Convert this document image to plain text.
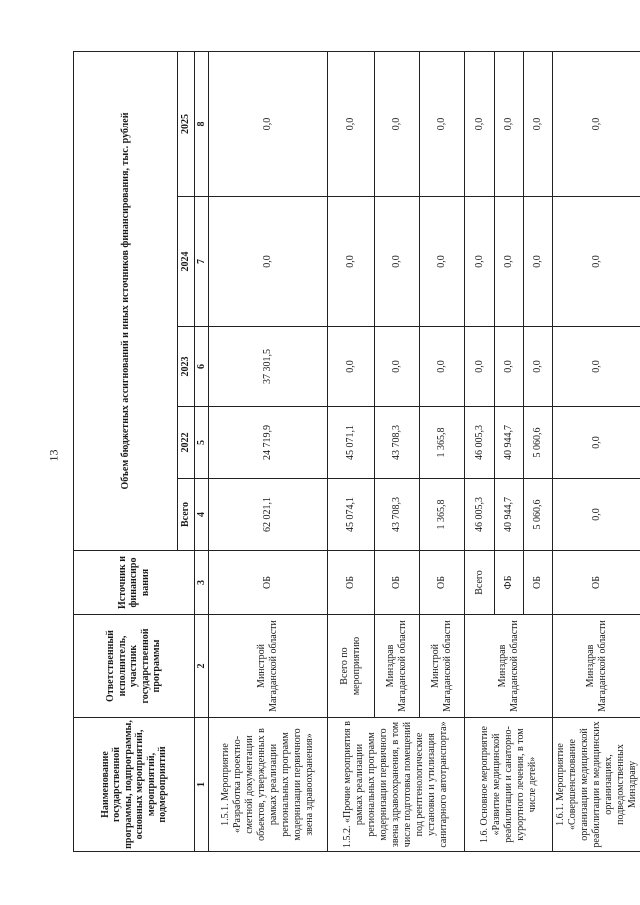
13
Наименование государственной программы, подпрограммы, основных мероприятий, мероприятий, подмероприятий	Ответственный исполнитель, участник государственной программы	Источник и финансиро вания	Объем бюджетных ассигнований и иных источников финансирования, тыс. рублей				
			Всего	2022	2023	2024	2025
1	2	3	4	5	6	7	8
1.5.1. Мероприятие «Разработка проектно-сметной документации объектов, утвержденных в рамках реализации региональных программ модернизации первичного звена здравоохранения»	Минстрой Магаданской области	ОБ	62 021,1	24 719,9	37 301,5	0,0	0,0
1.5.2. «Прочие мероприятия в рамках реализации региональных программ модернизации первичного звена здравоохранения, в том числе подготовка помещений под рентгенологические установки и утилизация санитарного автотранспорта»	Всего по мероприятию	ОБ	45 074,1	45 071,1	0,0	0,0	0,0
	Минздрав Магаданской области	ОБ	43 708,3	43 708,3	0,0	0,0	0,0
	Минстрой Магаданской области	ОБ	1 365,8	1 365,8	0,0	0,0	0,0
1.6. Основное мероприятие «Развитие медицинской реабилитации и санаторно-курортного лечения, в том числе детей»	Минздрав Магаданской области	Всего	46 005,3	46 005,3	0,0	0,0	0,0
		ФБ	40 944,7	40 944,7	0,0	0,0	0,0
		ОБ	5 060,6	5 060,6	0,0	0,0	0,0
1.6.1. Мероприятие «Совершенствование организации медицинской реабилитации в медицинских организациях, подведомственных Минздраву	Минздрав Магаданской области	ОБ	0,0	0,0	0,0	0,0	0,0
